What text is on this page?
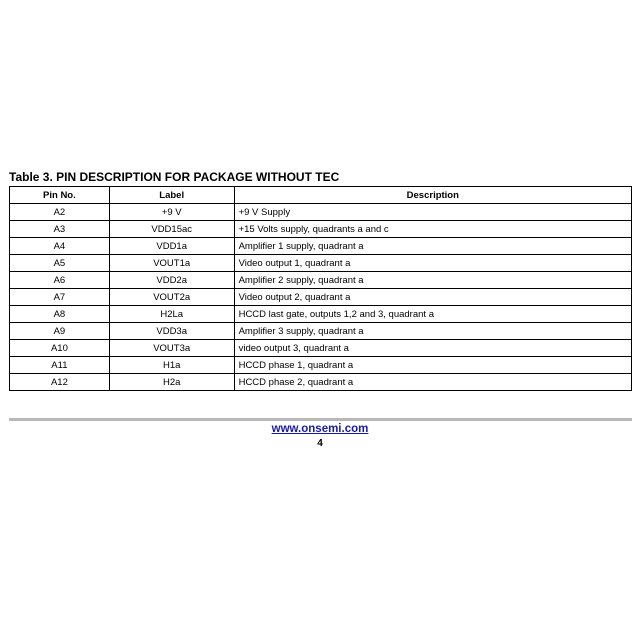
Table 3. PIN DESCRIPTION FOR PACKAGE WITHOUT TEC
Pin No.	Label	Description
A2	+9 V	+9 V Supply
A3	VDD15ac	+15 Volts supply, quadrants a and c
A4	VDD1a	Amplifier 1 supply, quadrant a
A5	VOUT1a	Video output 1, quadrant a
A6	VDD2a	Amplifier 2 supply, quadrant a
A7	VOUT2a	Video output 2, quadrant a
A8	H2La	HCCD last gate, outputs 1,2 and 3, quadrant a
A9	VDD3a	Amplifier 3 supply, quadrant a
A10	VOUT3a	video output 3, quadrant a
A11	H1a	HCCD phase 1, quadrant a
A12	H2a	HCCD phase 2, quadrant a
www.onsemi.com
4
